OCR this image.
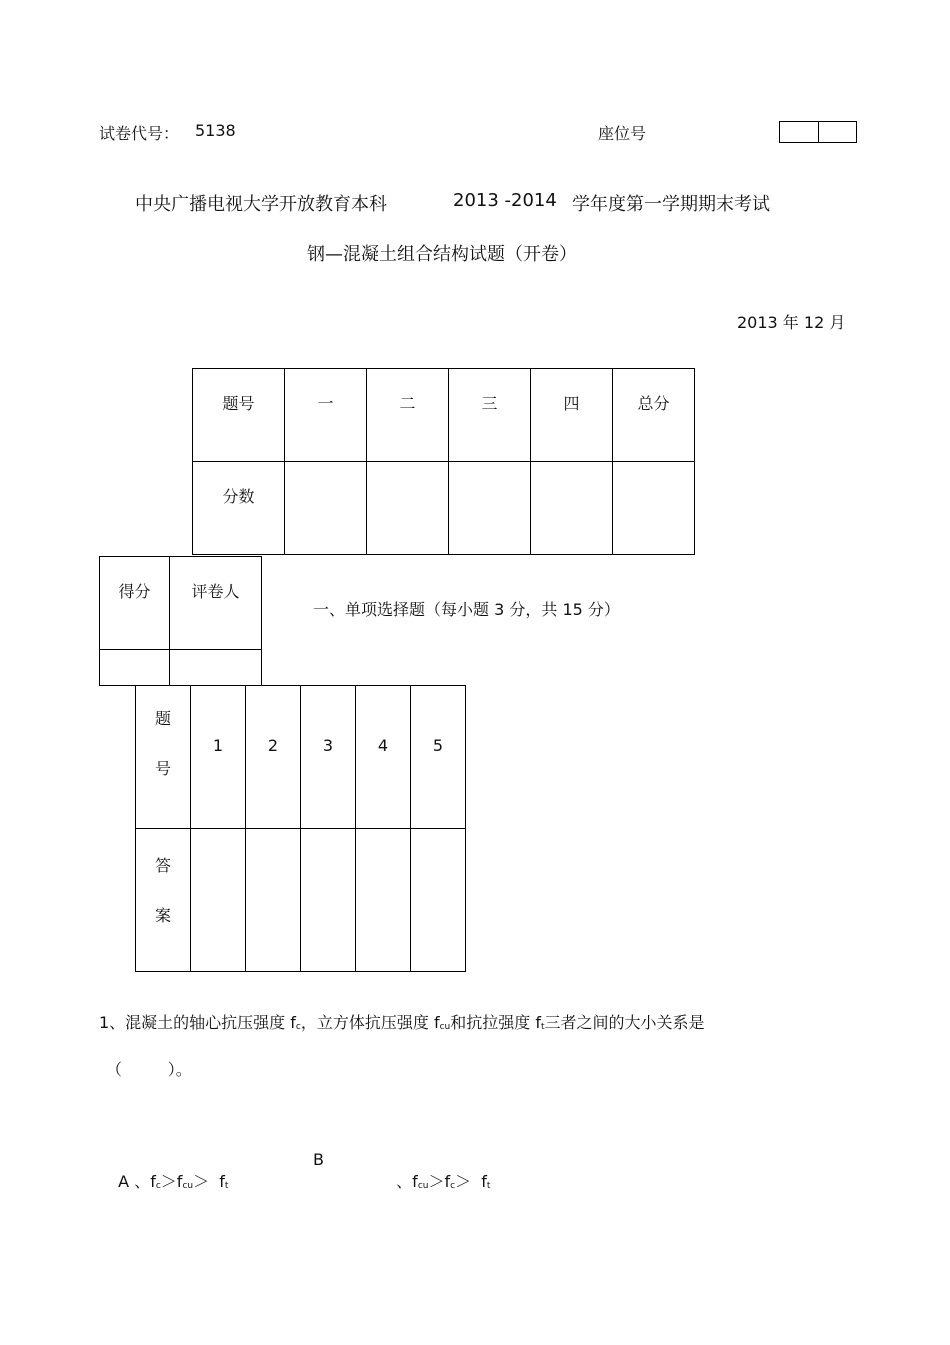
试卷代号： 5138	座位号
中央广播电视大学开放教育本科	2013 -2014 学年度第一学期期末考试
钢—混凝土组合结构试题（开卷）
2013 年 12 月
题号	一	二	三	四	总分
分数					
得分	评卷人

一、单项选择题（每小题 3 分，共 15 分）
题
号	1	2	3	4	5

答
案					

1、混凝土的轴心抗压强度 $f_c$，立方体抗压强度 $f_{cu}$和抗拉强度 $f_t$三者之间的大小关系是
（         ）。

A 、$f_c>f_{cu}> f_t$

B

、$f_{cu}>f_c> f_t$
